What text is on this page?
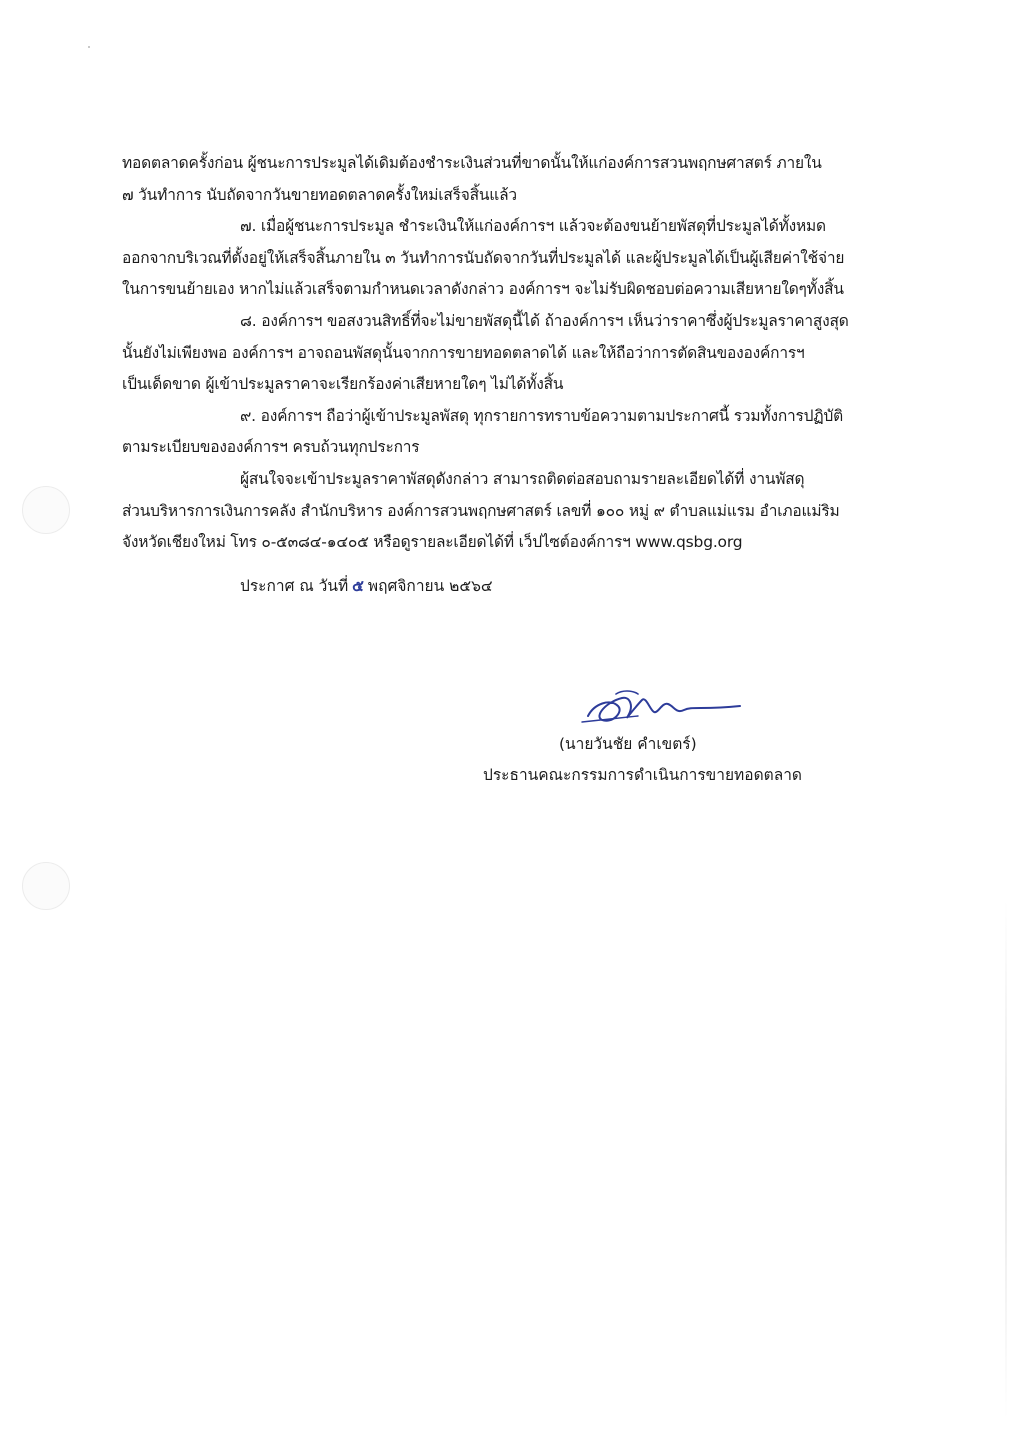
ทอดตลาดครั้งก่อน ผู้ชนะการประมูลได้เดิมต้องชำระเงินส่วนที่ขาดนั้นให้แก่องค์การสวนพฤกษศาสตร์ ภายใน
๗ วันทำการ นับถัดจากวันขายทอดตลาดครั้งใหม่เสร็จสิ้นแล้ว
๗. เมื่อผู้ชนะการประมูล ชำระเงินให้แก่องค์การฯ แล้วจะต้องขนย้ายพัสดุที่ประมูลได้ทั้งหมด
ออกจากบริเวณที่ตั้งอยู่ให้เสร็จสิ้นภายใน ๓ วันทำการนับถัดจากวันที่ประมูลได้ และผู้ประมูลได้เป็นผู้เสียค่าใช้จ่าย
ในการขนย้ายเอง หากไม่แล้วเสร็จตามกำหนดเวลาดังกล่าว องค์การฯ จะไม่รับผิดชอบต่อความเสียหายใดๆทั้งสิ้น
๘. องค์การฯ ขอสงวนสิทธิ์ที่จะไม่ขายพัสดุนี้ได้ ถ้าองค์การฯ เห็นว่าราคาซึ่งผู้ประมูลราคาสูงสุด
นั้นยังไม่เพียงพอ องค์การฯ อาจถอนพัสดุนั้นจากการขายทอดตลาดได้ และให้ถือว่าการตัดสินขององค์การฯ
เป็นเด็ดขาด ผู้เข้าประมูลราคาจะเรียกร้องค่าเสียหายใดๆ ไม่ได้ทั้งสิ้น
๙. องค์การฯ ถือว่าผู้เข้าประมูลพัสดุ ทุกรายการทราบข้อความตามประกาศนี้ รวมทั้งการปฏิบัติ
ตามระเบียบขององค์การฯ ครบถ้วนทุกประการ
ผู้สนใจจะเข้าประมูลราคาพัสดุดังกล่าว สามารถติดต่อสอบถามรายละเอียดได้ที่ งานพัสดุ
ส่วนบริหารการเงินการคลัง สำนักบริหาร องค์การสวนพฤกษศาสตร์ เลขที่ ๑๐๐ หมู่ ๙ ตำบลแม่แรม อำเภอแม่ริม
จังหวัดเชียงใหม่ โทร ๐-๕๓๘๔-๑๔๐๕ หรือดูรายละเอียดได้ที่ เว็ปไซต์องค์การฯ www.qsbg.org
ประกาศ ณ วันที่ ๕ พฤศจิกายน ๒๕๖๔
(นายวันชัย คำเขตร์)
ประธานคณะกรรมการดำเนินการขายทอดตลาด
